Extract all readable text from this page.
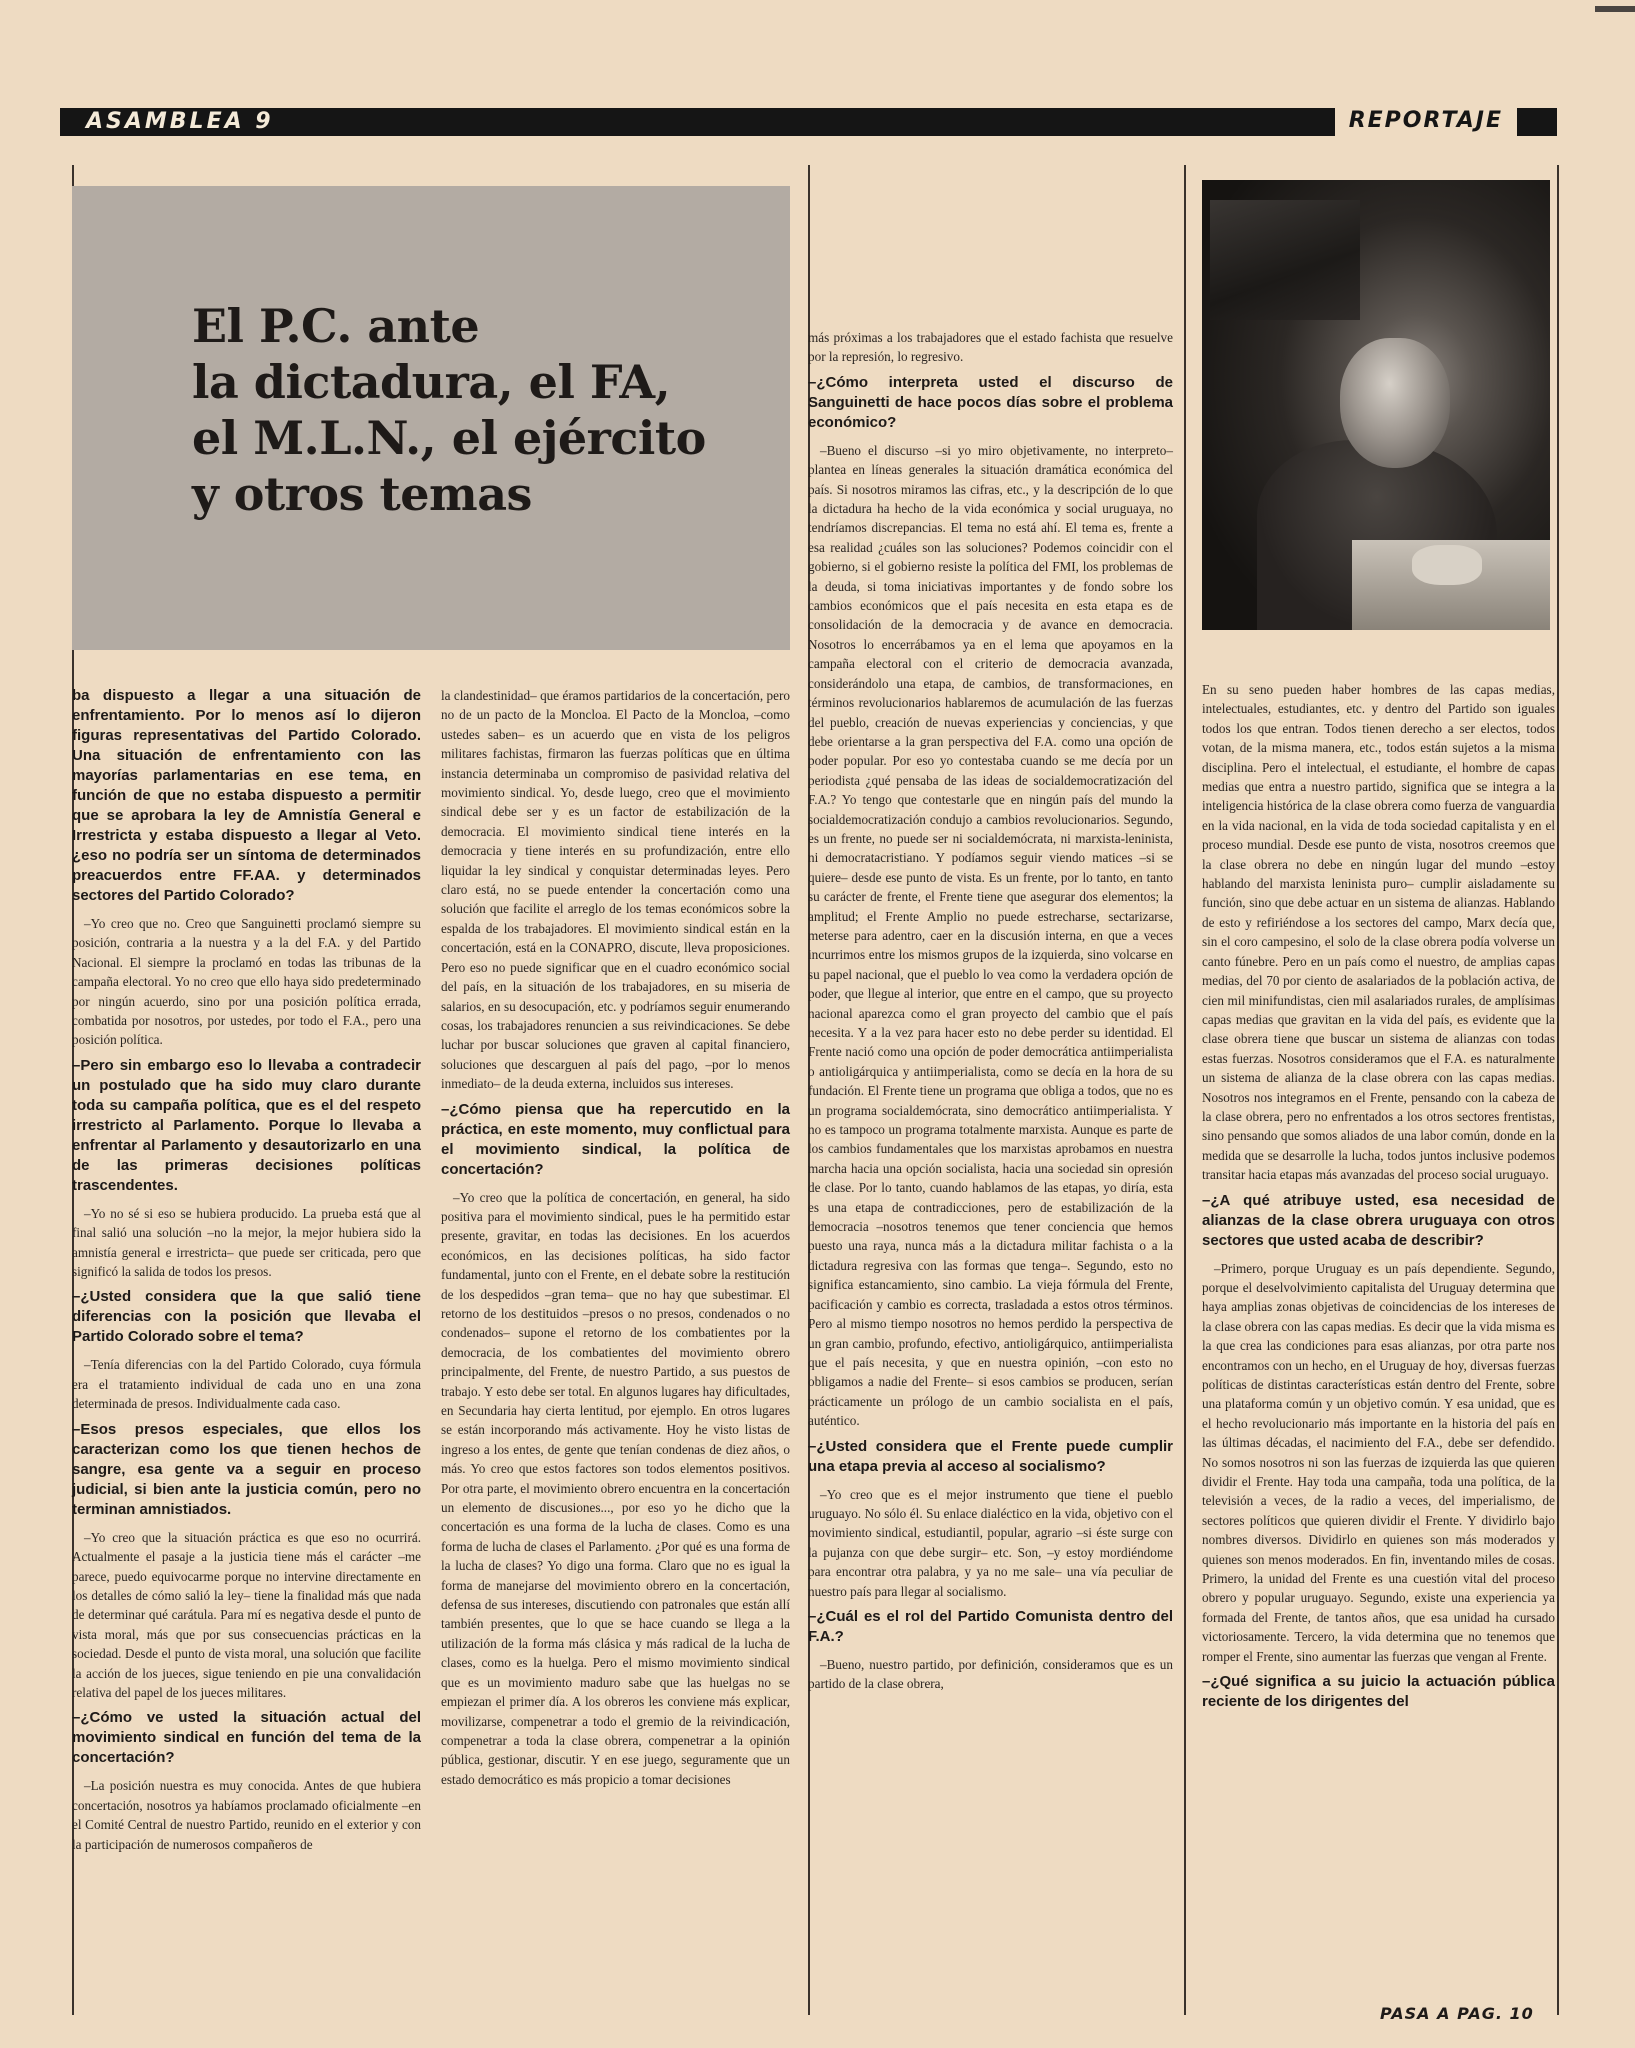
ASAMBLEA 9	REPORTAJE
El P.C. ante
la dictadura, el FA,
el M.L.N., el ejército
y otros temas

ba dispuesto a llegar a una situación de enfrentamiento. Por lo menos así lo dijeron figuras representativas del Partido Colorado. Una situación de enfrentamiento con las mayorías parlamentarias en ese tema, en función de que no estaba dispuesto a permitir que se aprobara la ley de Amnistía General e Irrestricta y estaba dispuesto a llegar al Veto. ¿eso no podría ser un síntoma de determinados preacuerdos entre FF.AA. y determinados sectores del Partido Colorado?

–Yo creo que no. Creo que Sanguinetti proclamó siempre su posición, contraria a la nuestra y a la del F.A. y del Partido Nacional. El siempre la proclamó en todas las tribunas de la campaña electoral. Yo no creo que ello haya sido predeterminado por ningún acuerdo, sino por una posición política errada, combatida por nosotros, por ustedes, por todo el F.A., pero una posición política.

–Pero sin embargo eso lo llevaba a contradecir un postulado que ha sido muy claro durante toda su campaña política, que es el del respeto irrestricto al Parlamento. Porque lo llevaba a enfrentar al Parlamento y desautorizarlo en una de las primeras decisiones políticas trascendentes.

–Yo no sé si eso se hubiera producido. La prueba está que al final salió una solución –no la mejor, la mejor hubiera sido la amnistía general e irrestricta– que puede ser criticada, pero que significó la salida de todos los presos.

–¿Usted considera que la que salió tiene diferencias con la posición que llevaba el Partido Colorado sobre el tema?

–Tenía diferencias con la del Partido Colorado, cuya fórmula era el tratamiento individual de cada uno en una zona determinada de presos. Individualmente cada caso.

–Esos presos especiales, que ellos los caracterizan como los que tienen hechos de sangre, esa gente va a seguir en proceso judicial, si bien ante la justicia común, pero no terminan amnistiados.

–Yo creo que la situación práctica es que eso no ocurrirá. Actualmente el pasaje a la justicia tiene más el carácter –me parece, puedo equivocarme porque no intervine directamente en los detalles de cómo salió la ley– tiene la finalidad más que nada de determinar qué carátula. Para mí es negativa desde el punto de vista moral, más que por sus consecuencias prácticas en la sociedad. Desde el punto de vista moral, una solución que facilite la acción de los jueces, sigue teniendo en pie una convalidación relativa del papel de los jueces militares.

–¿Cómo ve usted la situación actual del movimiento sindical en función del tema de la concertación?

–La posición nuestra es muy conocida. Antes de que hubiera concertación, nosotros ya habíamos proclamado oficialmente –en el Comité Central de nuestro Partido, reunido en el exterior y con la participación de numerosos compañeros de

la clandestinidad– que éramos partidarios de la concertación, pero no de un pacto de la Moncloa. El Pacto de la Moncloa, –como ustedes saben– es un acuerdo que en vista de los peligros militares fachistas, firmaron las fuerzas políticas que en última instancia determinaba un compromiso de pasividad relativa del movimiento sindical. Yo, desde luego, creo que el movimiento sindical debe ser y es un factor de estabilización de la democracia. El movimiento sindical tiene interés en la democracia y tiene interés en su profundización, entre ello liquidar la ley sindical y conquistar determinadas leyes. Pero claro está, no se puede entender la concertación como una solución que facilite el arreglo de los temas económicos sobre la espalda de los trabajadores. El movimiento sindical están en la concertación, está en la CONAPRO, discute, lleva proposiciones. Pero eso no puede significar que en el cuadro económico social del país, en la situación de los trabajadores, en su miseria de salarios, en su desocupación, etc. y podríamos seguir enumerando cosas, los trabajadores renuncien a sus reivindicaciones. Se debe luchar por buscar soluciones que graven al capital financiero, soluciones que descarguen al país del pago, –por lo menos inmediato– de la deuda externa, incluidos sus intereses.

–¿Cómo piensa que ha repercutido en la práctica, en este momento, muy conflictual para el movimiento sindical, la política de concertación?

–Yo creo que la política de concertación, en general, ha sido positiva para el movimiento sindical, pues le ha permitido estar presente, gravitar, en todas las decisiones. En los acuerdos económicos, en las decisiones políticas, ha sido factor fundamental, junto con el Frente, en el debate sobre la restitución de los despedidos –gran tema– que no hay que subestimar. El retorno de los destituidos –presos o no presos, condenados o no condenados– supone el retorno de los combatientes por la democracia, de los combatientes del movimiento obrero principalmente, del Frente, de nuestro Partido, a sus puestos de trabajo. Y esto debe ser total. En algunos lugares hay dificultades, en Secundaria hay cierta lentitud, por ejemplo. En otros lugares se están incorporando más activamente. Hoy he visto listas de ingreso a los entes, de gente que tenían condenas de diez años, o más. Yo creo que estos factores son todos elementos positivos. Por otra parte, el movimiento obrero encuentra en la concertación un elemento de discusiones..., por eso yo he dicho que la concertación es una forma de la lucha de clases. Como es una forma de lucha de clases el Parlamento. ¿Por qué es una forma de la lucha de clases? Yo digo una forma. Claro que no es igual la forma de manejarse del movimiento obrero en la concertación, defensa de sus intereses, discutiendo con patronales que están allí también presentes, que lo que se hace cuando se llega a la utilización de la forma más clásica y más radical de la lucha de clases, como es la huelga. Pero el mismo movimiento sindical que es un movimiento maduro sabe que las huelgas no se empiezan el primer día. A los obreros les conviene más explicar, movilizarse, compenetrar a todo el gremio de la reivindicación, compenetrar a toda la clase obrera, compenetrar a la opinión pública, gestionar, discutir. Y en ese juego, seguramente que un estado democrático es más propicio a tomar decisiones

más próximas a los trabajadores que el estado fachista que resuelve por la represión, lo regresivo.

–¿Cómo interpreta usted el discurso de Sanguinetti de hace pocos días sobre el problema económico?

–Bueno el discurso –si yo miro objetivamente, no interpreto– plantea en líneas generales la situación dramática económica del país. Si nosotros miramos las cifras, etc., y la descripción de lo que la dictadura ha hecho de la vida económica y social uruguaya, no tendríamos discrepancias. El tema no está ahí. El tema es, frente a esa realidad ¿cuáles son las soluciones? Podemos coincidir con el gobierno, si el gobierno resiste la política del FMI, los problemas de la deuda, si toma iniciativas importantes y de fondo sobre los cambios económicos que el país necesita en esta etapa es de consolidación de la democracia y de avance en democracia. Nosotros lo encerrábamos ya en el lema que apoyamos en la campaña electoral con el criterio de democracia avanzada, considerándolo una etapa, de cambios, de transformaciones, en términos revolucionarios hablaremos de acumulación de las fuerzas del pueblo, creación de nuevas experiencias y conciencias, y que debe orientarse a la gran perspectiva del F.A. como una opción de poder popular. Por eso yo contestaba cuando se me decía por un periodista ¿qué pensaba de las ideas de socialdemocratización del F.A.? Yo tengo que contestarle que en ningún país del mundo la socialdemocratización condujo a cambios revolucionarios. Segundo, es un frente, no puede ser ni socialdemócrata, ni marxista-leninista, ni democratacristiano. Y podíamos seguir viendo matices –si se quiere– desde ese punto de vista. Es un frente, por lo tanto, en tanto su carácter de frente, el Frente tiene que asegurar dos elementos; la amplitud; el Frente Amplio no puede estrecharse, sectarizarse, meterse para adentro, caer en la discusión interna, en que a veces incurrimos entre los mismos grupos de la izquierda, sino volcarse en su papel nacional, que el pueblo lo vea como la verdadera opción de poder, que llegue al interior, que entre en el campo, que su proyecto nacional aparezca como el gran proyecto del cambio que el país necesita. Y a la vez para hacer esto no debe perder su identidad. El Frente nació como una opción de poder democrática antiimperialista o antioligárquica y antiimperialista, como se decía en la hora de su fundación. El Frente tiene un programa que obliga a todos, que no es un programa socialdemócrata, sino democrático antiimperialista. Y no es tampoco un programa totalmente marxista. Aunque es parte de los cambios fundamentales que los marxistas aprobamos en nuestra marcha hacia una opción socialista, hacia una sociedad sin opresión de clase. Por lo tanto, cuando hablamos de las etapas, yo diría, esta es una etapa de contradicciones, pero de estabilización de la democracia –nosotros tenemos que tener conciencia que hemos puesto una raya, nunca más a la dictadura militar fachista o a la dictadura regresiva con las formas que tenga–. Segundo, esto no significa estancamiento, sino cambio. La vieja fórmula del Frente, pacificación y cambio es correcta, trasladada a estos otros términos. Pero al mismo tiempo nosotros no hemos perdido la perspectiva de un gran cambio, profundo, efectivo, antioligárquico, antiimperialista que el país necesita, y que en nuestra opinión, –con esto no obligamos a nadie del Frente– si esos cambios se producen, serían prácticamente un prólogo de un cambio socialista en el país, auténtico.

–¿Usted considera que el Frente puede cumplir una etapa previa al acceso al socialismo?

–Yo creo que es el mejor instrumento que tiene el pueblo uruguayo. No sólo él. Su enlace dialéctico en la vida, objetivo con el movimiento sindical, estudiantil, popular, agrario –si éste surge con la pujanza con que debe surgir– etc. Son, –y estoy mordiéndome para encontrar otra palabra, y ya no me sale– una vía peculiar de nuestro país para llegar al socialismo.

–¿Cuál es el rol del Partido Comunista dentro del F.A.?

–Bueno, nuestro partido, por definición, consideramos que es un partido de la clase obrera,

En su seno pueden haber hombres de las capas medias, intelectuales, estudiantes, etc. y dentro del Partido son iguales todos los que entran. Todos tienen derecho a ser electos, todos votan, de la misma manera, etc., todos están sujetos a la misma disciplina. Pero el intelectual, el estudiante, el hombre de capas medias que entra a nuestro partido, significa que se integra a la inteligencia histórica de la clase obrera como fuerza de vanguardia en la vida nacional, en la vida de toda sociedad capitalista y en el proceso mundial. Desde ese punto de vista, nosotros creemos que la clase obrera no debe en ningún lugar del mundo –estoy hablando del marxista leninista puro– cumplir aisladamente su función, sino que debe actuar en un sistema de alianzas. Hablando de esto y refiriéndose a los sectores del campo, Marx decía que, sin el coro campesino, el solo de la clase obrera podía volverse un canto fúnebre. Pero en un país como el nuestro, de amplias capas medias, del 70 por ciento de asalariados de la población activa, de cien mil minifundistas, cien mil asalariados rurales, de amplísimas capas medias que gravitan en la vida del país, es evidente que la clase obrera tiene que buscar un sistema de alianzas con todas estas fuerzas. Nosotros consideramos que el F.A. es naturalmente un sistema de alianza de la clase obrera con las capas medias. Nosotros nos integramos en el Frente, pensando con la cabeza de la clase obrera, pero no enfrentados a los otros sectores frentistas, sino pensando que somos aliados de una labor común, donde en la medida que se desarrolle la lucha, todos juntos inclusive podemos transitar hacia etapas más avanzadas del proceso social uruguayo.

–¿A qué atribuye usted, esa necesidad de alianzas de la clase obrera uruguaya con otros sectores que usted acaba de describir?

–Primero, porque Uruguay es un país dependiente. Segundo, porque el deselvolvimiento capitalista del Uruguay determina que haya amplias zonas objetivas de coincidencias de los intereses de la clase obrera con las capas medias. Es decir que la vida misma es la que crea las condiciones para esas alianzas, por otra parte nos encontramos con un hecho, en el Uruguay de hoy, diversas fuerzas políticas de distintas características están dentro del Frente, sobre una plataforma común y un objetivo común. Y esa unidad, que es el hecho revolucionario más importante en la historia del país en las últimas décadas, el nacimiento del F.A., debe ser defendido. No somos nosotros ni son las fuerzas de izquierda las que quieren dividir el Frente. Hay toda una campaña, toda una política, de la televisión a veces, de la radio a veces, del imperialismo, de sectores políticos que quieren dividir el Frente. Y dividirlo bajo nombres diversos. Dividirlo en quienes son más moderados y quienes son menos moderados. En fin, inventando miles de cosas. Primero, la unidad del Frente es una cuestión vital del proceso obrero y popular uruguayo. Segundo, existe una experiencia ya formada del Frente, de tantos años, que esa unidad ha cursado victoriosamente. Tercero, la vida determina que no tenemos que romper el Frente, sino aumentar las fuerzas que vengan al Frente.

–¿Qué significa a su juicio la actuación pública reciente de los dirigentes del

PASA A PAG. 10
